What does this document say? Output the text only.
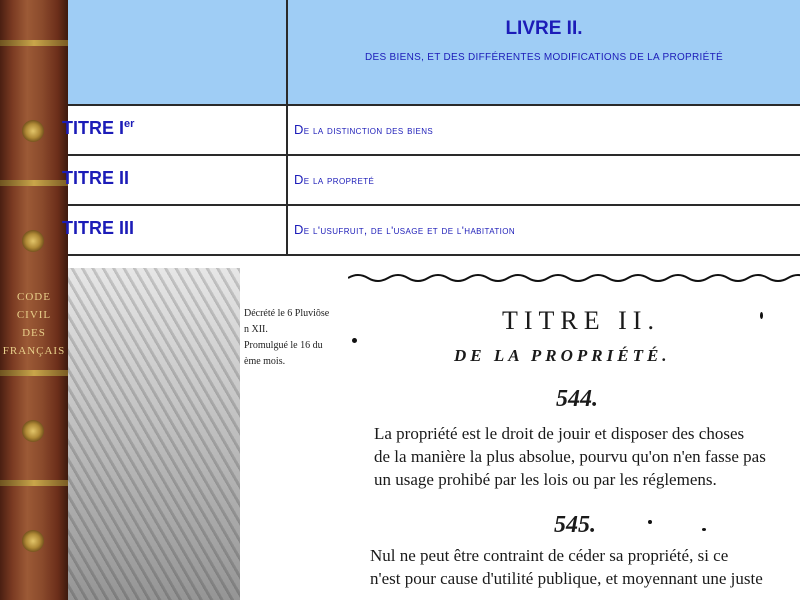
CODE CIVIL
DES
FRANÇAIS
LIVRE II.
DES BIENS, ET DES DIFFÉRENTES MODIFICATIONS DE LA PROPRIÉTÉ
TITRE Ier	De la distinction des biens
TITRE II	De la propreté
TITRE III	De l'usufruit, de l'usage et de l'habitation
Décrété le 6 Pluviôse
n XII.
Promulgué le 16 du
ème mois.
TITRE II.
DE LA PROPRIÉTÉ.
544.
La propriété est le droit de jouir et disposer des choses
de la manière la plus absolue, pourvu qu'on n'en fasse pas
un usage prohibé par les lois ou par les réglemens.
545.
Nul ne peut être contraint de céder sa propriété, si ce
n'est pour cause d'utilité publique, et moyennant une juste
